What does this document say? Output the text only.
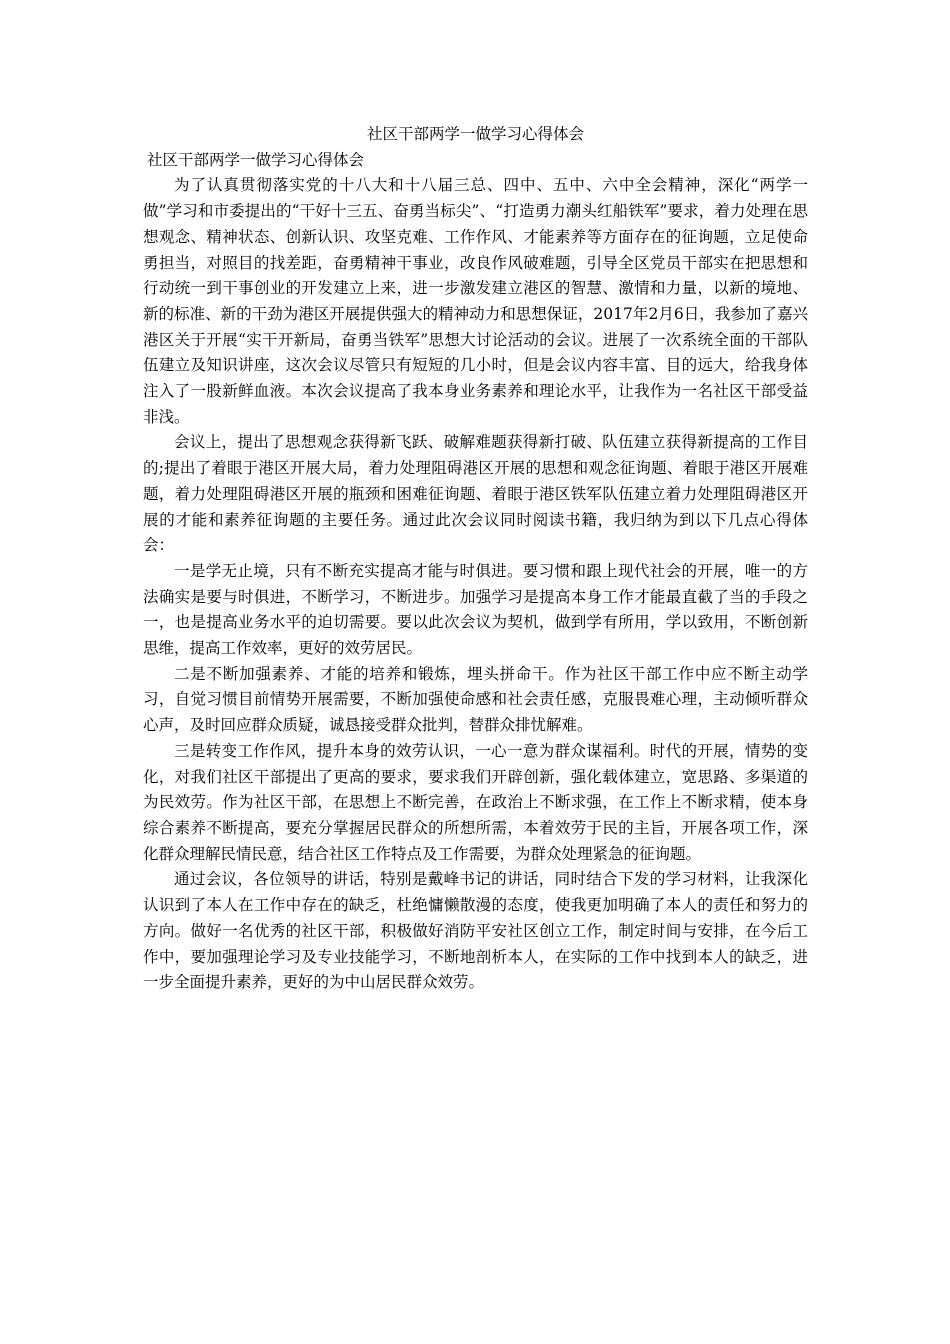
社区干部两学一做学习心得体会

社区干部两学一做学习心得体会

为了认真贯彻落实党的十八大和十八届三总、四中、五中、六中全会精神，深化“两学一做”学习和市委提出的“干好十三五、奋勇当标尖”、“打造勇力潮头红船铁军”要求，着力处理在思想观念、精神状态、创新认识、攻坚克难、工作作风、才能素养等方面存在的征询题，立足使命勇担当，对照目的找差距，奋勇精神干事业，改良作风破难题，引导全区党员干部实在把思想和行动统一到干事创业的开发建立上来，进一步激发建立港区的智慧、激情和力量，以新的境地、新的标准、新的干劲为港区开展提供强大的精神动力和思想保证，2017年2月6日，我参加了嘉兴港区关于开展“实干开新局，奋勇当铁军”思想大讨论活动的会议。进展了一次系统全面的干部队伍建立及知识讲座，这次会议尽管只有短短的几小时，但是会议内容丰富、目的远大，给我身体注入了一股新鲜血液。本次会议提高了我本身业务素养和理论水平，让我作为一名社区干部受益非浅。

会议上，提出了思想观念获得新飞跃、破解难题获得新打破、队伍建立获得新提高的工作目的;提出了着眼于港区开展大局，着力处理阻碍港区开展的思想和观念征询题、着眼于港区开展难题，着力处理阻碍港区开展的瓶颈和困难征询题、着眼于港区铁军队伍建立着力处理阻碍港区开展的才能和素养征询题的主要任务。通过此次会议同时阅读书籍，我归纳为到以下几点心得体会：

一是学无止境，只有不断充实提高才能与时俱进。要习惯和跟上现代社会的开展，唯一的方法确实是要与时俱进，不断学习，不断进步。加强学习是提高本身工作才能最直截了当的手段之一，也是提高业务水平的迫切需要。要以此次会议为契机，做到学有所用，学以致用，不断创新思维，提高工作效率，更好的效劳居民。

二是不断加强素养、才能的培养和锻炼，埋头拼命干。作为社区干部工作中应不断主动学习，自觉习惯目前情势开展需要，不断加强使命感和社会责任感，克服畏难心理，主动倾听群众心声，及时回应群众质疑，诚恳接受群众批判，替群众排忧解难。

三是转变工作作风，提升本身的效劳认识，一心一意为群众谋福利。时代的开展，情势的变化，对我们社区干部提出了更高的要求，要求我们开辟创新，强化载体建立，宽思路、多渠道的为民效劳。作为社区干部，在思想上不断完善，在政治上不断求强，在工作上不断求精，使本身综合素养不断提高，要充分掌握居民群众的所想所需，本着效劳于民的主旨，开展各项工作，深化群众理解民情民意，结合社区工作特点及工作需要，为群众处理紧急的征询题。

通过会议，各位领导的讲话，特别是戴峰书记的讲话，同时结合下发的学习材料，让我深化认识到了本人在工作中存在的缺乏，杜绝慵懒散漫的态度，使我更加明确了本人的责任和努力的方向。做好一名优秀的社区干部，积极做好消防平安社区创立工作，制定时间与安排，在今后工作中，要加强理论学习及专业技能学习，不断地剖析本人，在实际的工作中找到本人的缺乏，进一步全面提升素养，更好的为中山居民群众效劳。
